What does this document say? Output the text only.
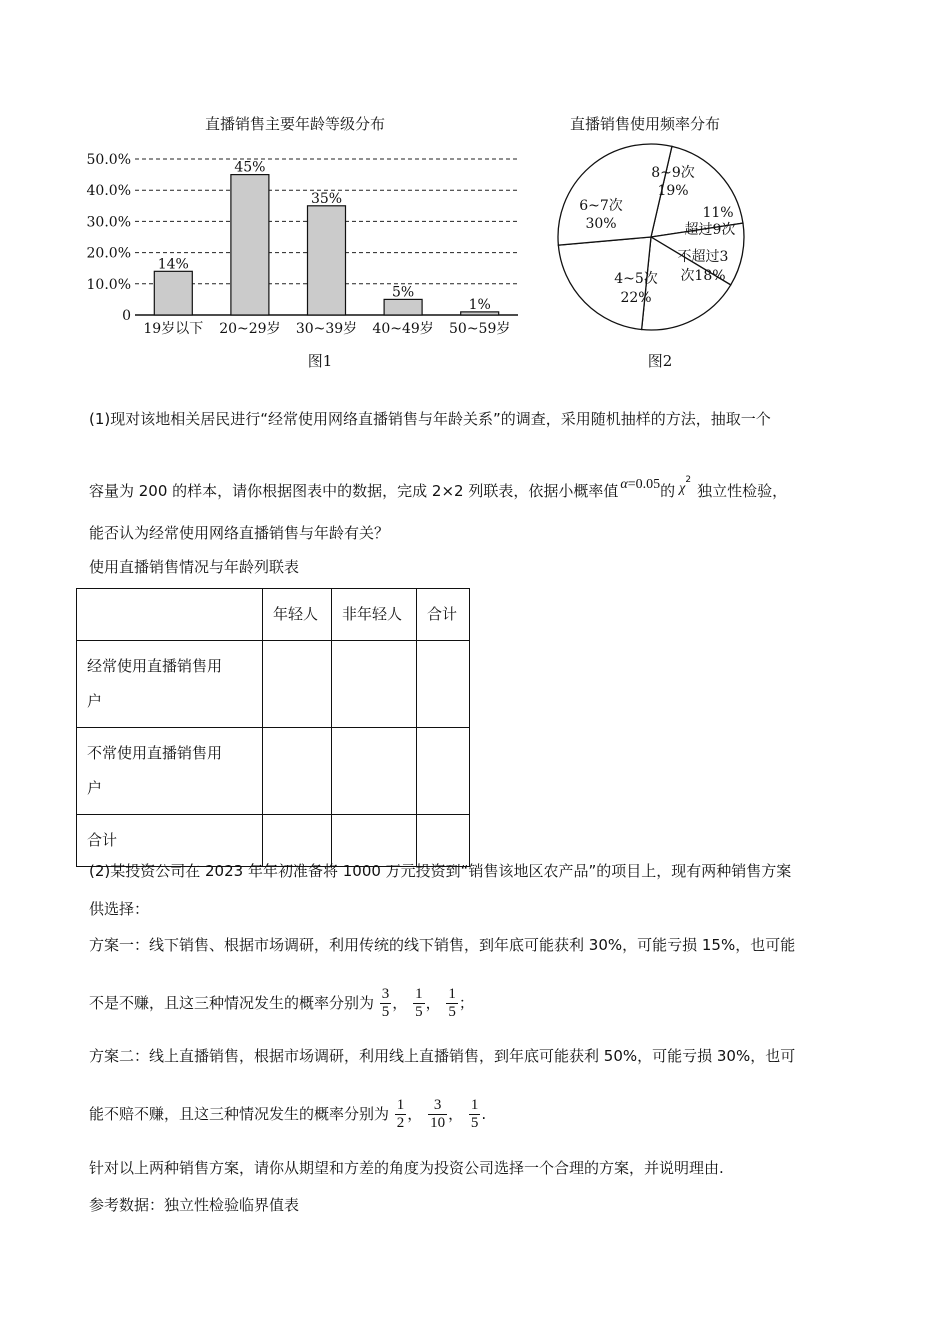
直播销售主要年龄等级分布
0
10.0%
20.0%
30.0%
40.0%
50.0%
14%
45%
35%
5%
1%
19岁以下 20~29岁 30~39岁 40~49岁 50~59岁
图1
直播销售使用频率分布
8~9次
19%
11%
超过9次
不超过3
次18%
4~5次
22%
6~7次
30%
图2
(1)现对该地相关居民进行“经常使用网络直播销售与年龄关系”的调查，采用随机抽样的方法，抽取一个
容量为 200 的样本，请你根据图表中的数据，完成 2×2 列联表，依据小概率值 α=0.05的 $\chi^2$独立性检验，
能否认为经常使用网络直播销售与年龄有关？
使用直播销售情况与年龄列联表
	年轻人	非年轻人	合计
经常使用直播销售用
户			
不常使用直播销售用
户			
合计			
(2)某投资公司在 2023 年年初准备将 1000 万元投资到“销售该地区农产品”的项目上，现有两种销售方案
供选择：
方案一：线下销售、根据市场调研，利用传统的线下销售，到年底可能获利 30%，可能亏损 15%，也可能
不是不赚，且这三种情况发生的概率分别为 $\frac{3}{5}$ ， $\frac{1}{5}$ ， $\frac{1}{5}$ ；
方案二：线上直播销售，根据市场调研，利用线上直播销售，到年底可能获利 50%，可能亏损 30%，也可
能不赔不赚，且这三种情况发生的概率分别为 $\frac{1}{2}$ ， $\frac{3}{10}$ ， $\frac{1}{5}$ .
针对以上两种销售方案，请你从期望和方差的角度为投资公司选择一个合理的方案，并说明理由.
参考数据：独立性检验临界值表
